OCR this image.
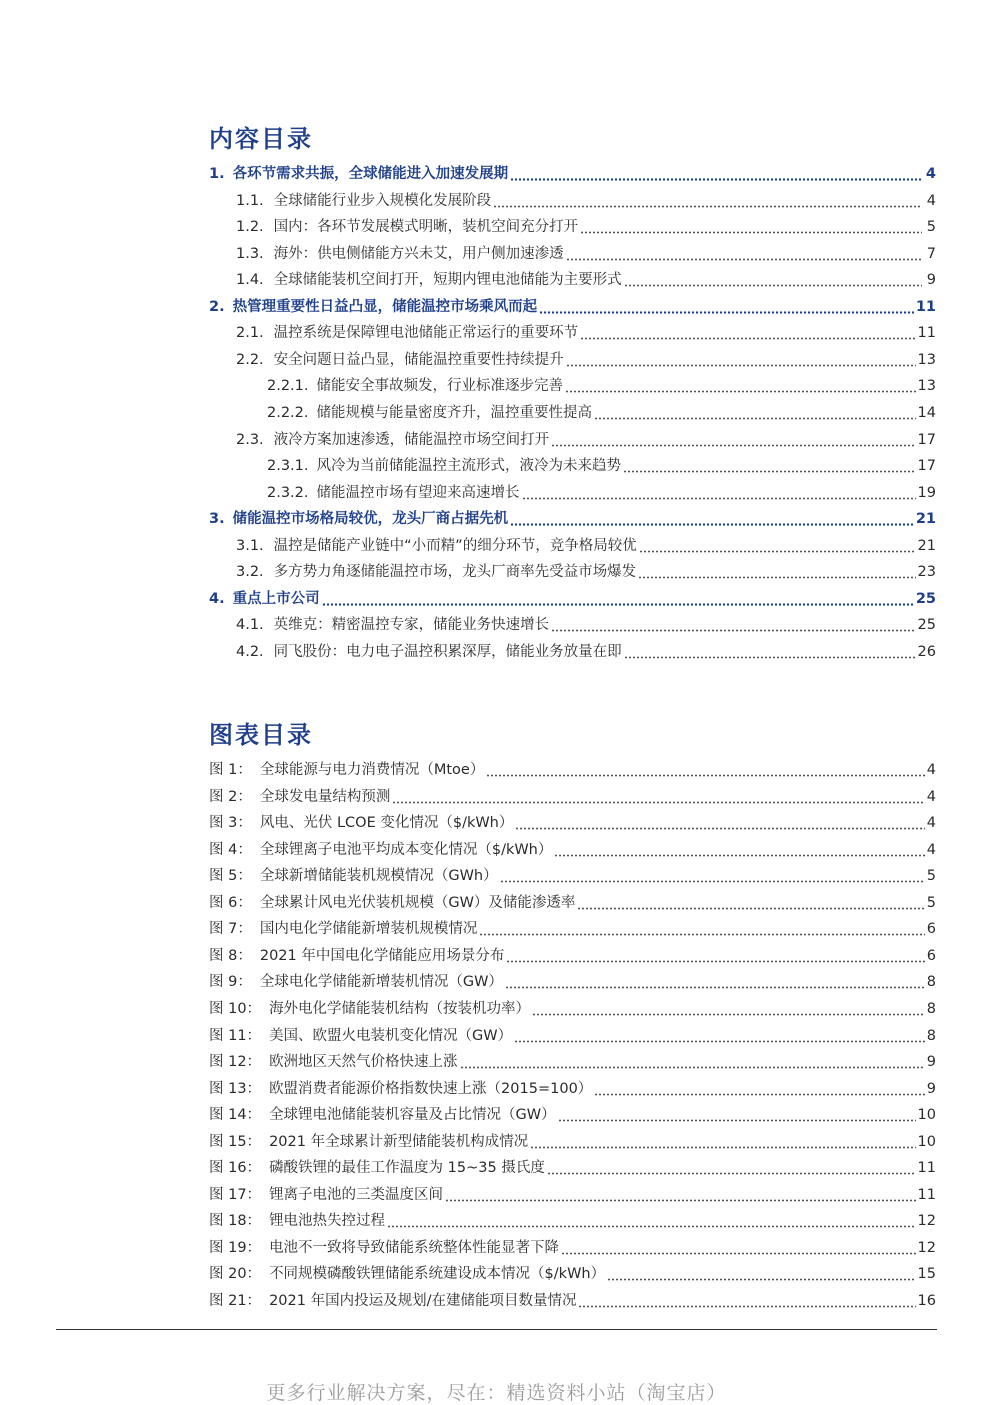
内容目录
1. 各环节需求共振，全球储能进入加速发展期	4
1.1. 全球储能行业步入规模化发展阶段	4
1.2. 国内：各环节发展模式明晰，装机空间充分打开	5
1.3. 海外：供电侧储能方兴未艾，用户侧加速渗透	7
1.4. 全球储能装机空间打开，短期内锂电池储能为主要形式	9
2. 热管理重要性日益凸显，储能温控市场乘风而起	11
2.1. 温控系统是保障锂电池储能正常运行的重要环节	11
2.2. 安全问题日益凸显，储能温控重要性持续提升	13
2.2.1. 储能安全事故频发，行业标准逐步完善	13
2.2.2. 储能规模与能量密度齐升，温控重要性提高	14
2.3. 液冷方案加速渗透，储能温控市场空间打开	17
2.3.1. 风冷为当前储能温控主流形式，液冷为未来趋势	17
2.3.2. 储能温控市场有望迎来高速增长	19
3. 储能温控市场格局较优，龙头厂商占据先机	21
3.1. 温控是储能产业链中“小而精”的细分环节，竞争格局较优	21
3.2. 多方势力角逐储能温控市场，龙头厂商率先受益市场爆发	23
4. 重点上市公司	25
4.1. 英维克：精密温控专家，储能业务快速增长	25
4.2. 同飞股份：电力电子温控积累深厚，储能业务放量在即	26
图表目录
图 1： 全球能源与电力消费情况（Mtoe）	4
图 2： 全球发电量结构预测	4
图 3： 风电、光伏 LCOE 变化情况（$/kWh）	4
图 4： 全球锂离子电池平均成本变化情况（$/kWh）	4
图 5： 全球新增储能装机规模情况（GWh）	5
图 6： 全球累计风电光伏装机规模（GW）及储能渗透率	5
图 7： 国内电化学储能新增装机规模情况	6
图 8： 2021 年中国电化学储能应用场景分布	6
图 9： 全球电化学储能新增装机情况（GW）	8
图 10： 海外电化学储能装机结构（按装机功率）	8
图 11： 美国、欧盟火电装机变化情况（GW）	8
图 12： 欧洲地区天然气价格快速上涨	9
图 13： 欧盟消费者能源价格指数快速上涨（2015=100）	9
图 14： 全球锂电池储能装机容量及占比情况（GW）	10
图 15： 2021 年全球累计新型储能装机构成情况	10
图 16： 磷酸铁锂的最佳工作温度为 15~35 摄氏度	11
图 17： 锂离子电池的三类温度区间	11
图 18： 锂电池热失控过程	12
图 19： 电池不一致将导致储能系统整体性能显著下降	12
图 20： 不同规模磷酸铁锂储能系统建设成本情况（$/kWh）	15
图 21： 2021 年国内投运及规划/在建储能项目数量情况	16
更多行业解决方案，尽在：精选资料小站（淘宝店）
